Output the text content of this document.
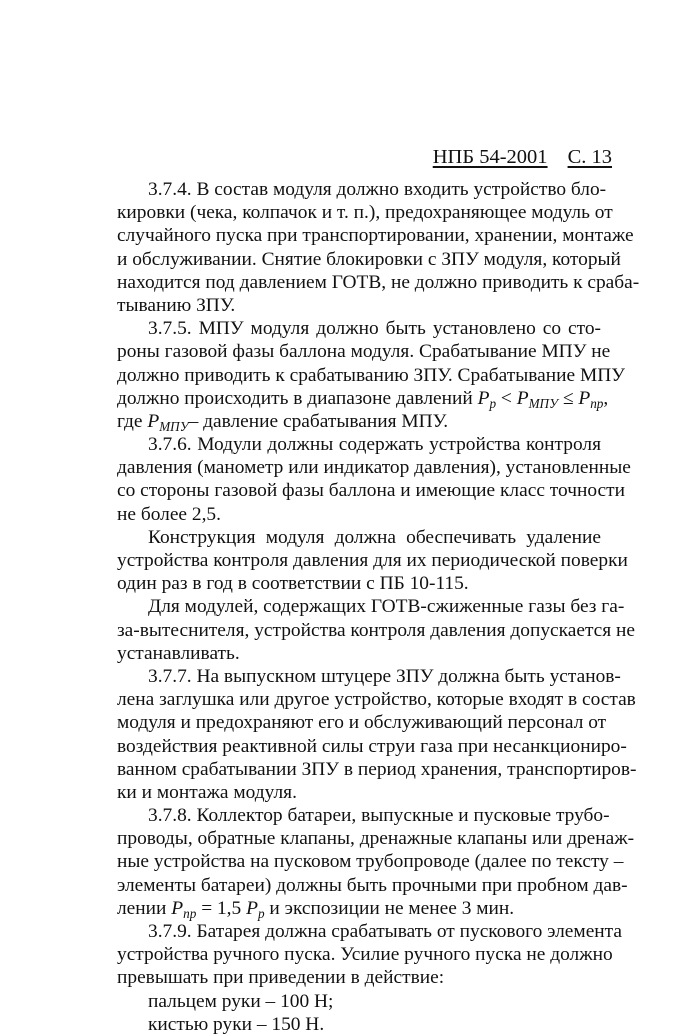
НПБ 54-2001 С. 13
3.7.4. В состав модуля должно входить устройство бло-
кировки (чека, колпачок и т. п.), предохраняющее модуль от
случайного пуска при транспортировании, хранении, монтаже
и обслуживании. Снятие блокировки с ЗПУ модуля, который
находится под давлением ГОТВ, не должно приводить к сраба-
тыванию ЗПУ.
3.7.5. МПУ модуля должно быть установлено со сто-
роны газовой фазы баллона модуля. Срабатывание МПУ не
должно приводить к срабатыванию ЗПУ. Срабатывание МПУ
должно происходить в диапазоне давлений $P_р < P_{МПУ} \le P_{пр}$,
где $P_{МПУ}-$ давление срабатывания МПУ.
3.7.6. Модули должны содержать устройства контроля
давления (манометр или индикатор давления), установленные
со стороны газовой фазы баллона и имеющие класс точности
не более 2,5.
Конструкция модуля должна обеспечивать удаление
устройства контроля давления для их периодической поверки
один раз в год в соответствии с ПБ 10-115.
Для модулей, содержащих ГОТВ-сжиженные газы без га-
за-вытеснителя, устройства контроля давления допускается не
устанавливать.
3.7.7. На выпускном штуцере ЗПУ должна быть установ-
лена заглушка или другое устройство, которые входят в состав
модуля и предохраняют его и обслуживающий персонал от
воздействия реактивной силы струи газа при несанкциониро-
ванном срабатывании ЗПУ в период хранения, транспортиров-
ки и монтажа модуля.
3.7.8. Коллектор батареи, выпускные и пусковые трубо-
проводы, обратные клапаны, дренажные клапаны или дренаж-
ные устройства на пусковом трубопроводе (далее по тексту –
элементы батареи) должны быть прочными при пробном дав-
лении $P_{пр} = 1,5$ $P_р$ и экспозиции не менее 3 мин.
3.7.9. Батарея должна срабатывать от пускового элемента
устройства ручного пуска. Усилие ручного пуска не должно
превышать при приведении в действие:
пальцем руки – 100 Н;
кистью руки – 150 Н.
